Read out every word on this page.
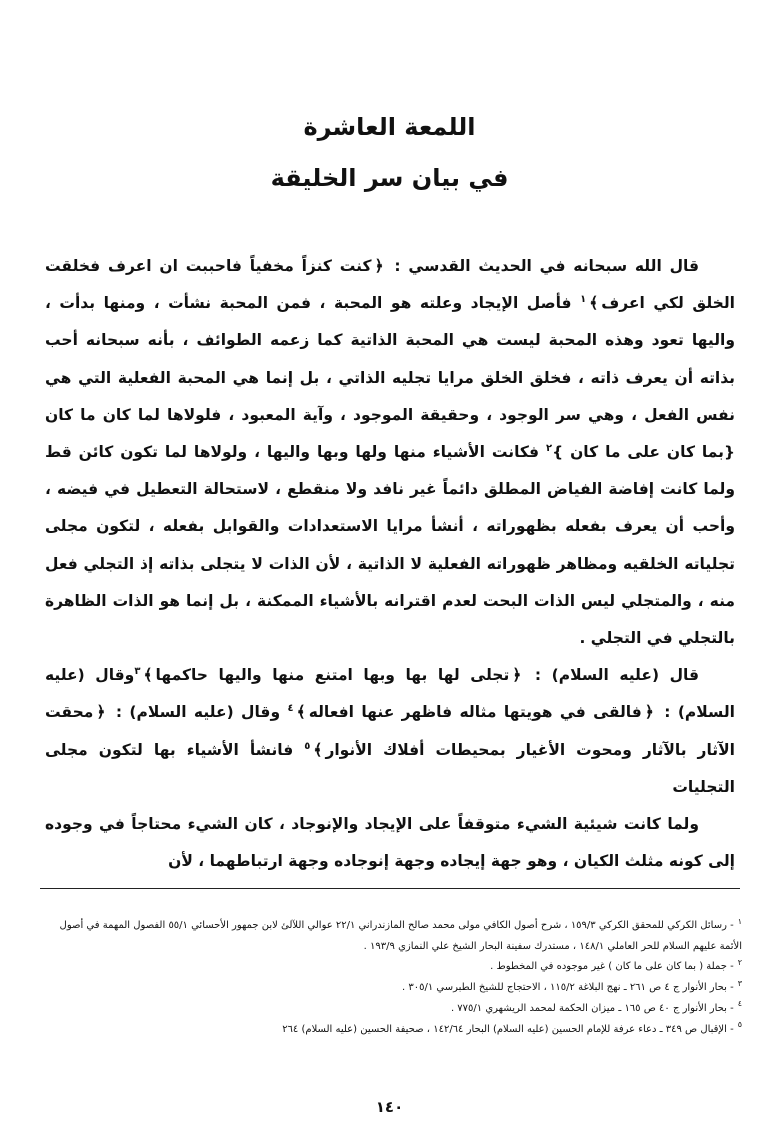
اللمعة العاشرة
في بيان سر الخليقة

قال الله سبحانه في الحديث القدسي : ﴿كنت كنزاً مخفياً فاحببت ان اعرف فخلقت الخلق لكي اعرف﴾$^١$ فأصل الإيجاد وعلته هو المحبة ، فمن المحبة نشأت ، ومنها بدأت ، واليها تعود وهذه المحبة ليست هي المحبة الذاتية كما زعمه الطوائف ، بأنه سبحانه أحب بذاته أن يعرف ذاته ، فخلق الخلق مرايا تجليه الذاتي ، بل إنما هي المحبة الفعلية التي هي نفس الفعل ، وهي سر الوجود ، وحقيقة الموجود ، وآية المعبود ، فلولاها لما كان ما كان {بما كان على ما كان }$^٢$ فكانت الأشياء منها ولها وبها واليها ، ولولاها لما تكون كائن قط ولما كانت إفاضة الفياض المطلق دائماً غير نافد ولا منقطع ، لاستحالة التعطيل في فيضه ، وأحب أن يعرف بفعله بظهوراته ، أنشأ مرايا الاستعدادات والقوابل بفعله ، لتكون مجلى تجلياته الخلقيه ومظاهر ظهوراته الفعلية لا الذاتية ، لأن الذات لا يتجلى بذاته إذ التجلي فعل منه ، والمتجلي ليس الذات البحت لعدم اقترانه بالأشياء الممكنة ، بل إنما هو الذات الظاهرة بالتجلي في التجلي .

قال (عليه السلام) : ﴿تجلى لها بها وبها امتنع منها واليها حاكمها﴾$^٣$وقال (عليه السلام) : ﴿فالقى في هويتها مثاله فاظهر عنها افعاله﴾$^٤$ وقال (عليه السلام) : ﴿محقت الآثار بالآثار ومحوت الأغيار بمحيطات أفلاك الأنوار﴾$^٥$ فانشأ الأشياء بها لتكون مجلى التجليات

ولما كانت شيئية الشيء متوقفاً على الإيجاد والإنوجاد ، كان الشيء محتاجاً في وجوده إلى كونه مثلث الكيان ، وهو جهة إيجاده وجهة إنوجاده وجهة ارتباطهما ، لأن

$^١$- رسائل الكركي للمحقق الكركي ١٥٩/٣ ، شرح أصول الكافي مولى محمد صالح المازندراني ٢٢/١ عوالي اللآلئ لابن جمهور الأحسائي ٥٥/١ الفصول المهمة في أصول الأئمة عليهم السلام للحر العاملي ١٤٨/١ ، مستدرك سفينة البحار الشيخ علي النمازي ١٩٣/٩ .

$^٢$- جملة ( بما كان على ما كان ) غير موجوده في المخطوط .

$^٣$- بحار الأنوار ج ٤ ص ٢٦١ ـ نهج البلاغة ١١٥/٢ ، الاحتجاج للشيخ الطبرسي ٣٠٥/١ .

$^٤$- بحار الأنوار ج ٤٠ ص ١٦٥ ـ ميزان الحكمة لمحمد الريشهري ٧٧٥/١ .

$^٥$- الإقبال ص ٣٤٩ ـ دعاء عرفة للإمام الحسين (عليه السلام) البحار ١٤٢/٦٤ ، صحيفة الحسين (عليه السلام) ٢٦٤

١٤٠
